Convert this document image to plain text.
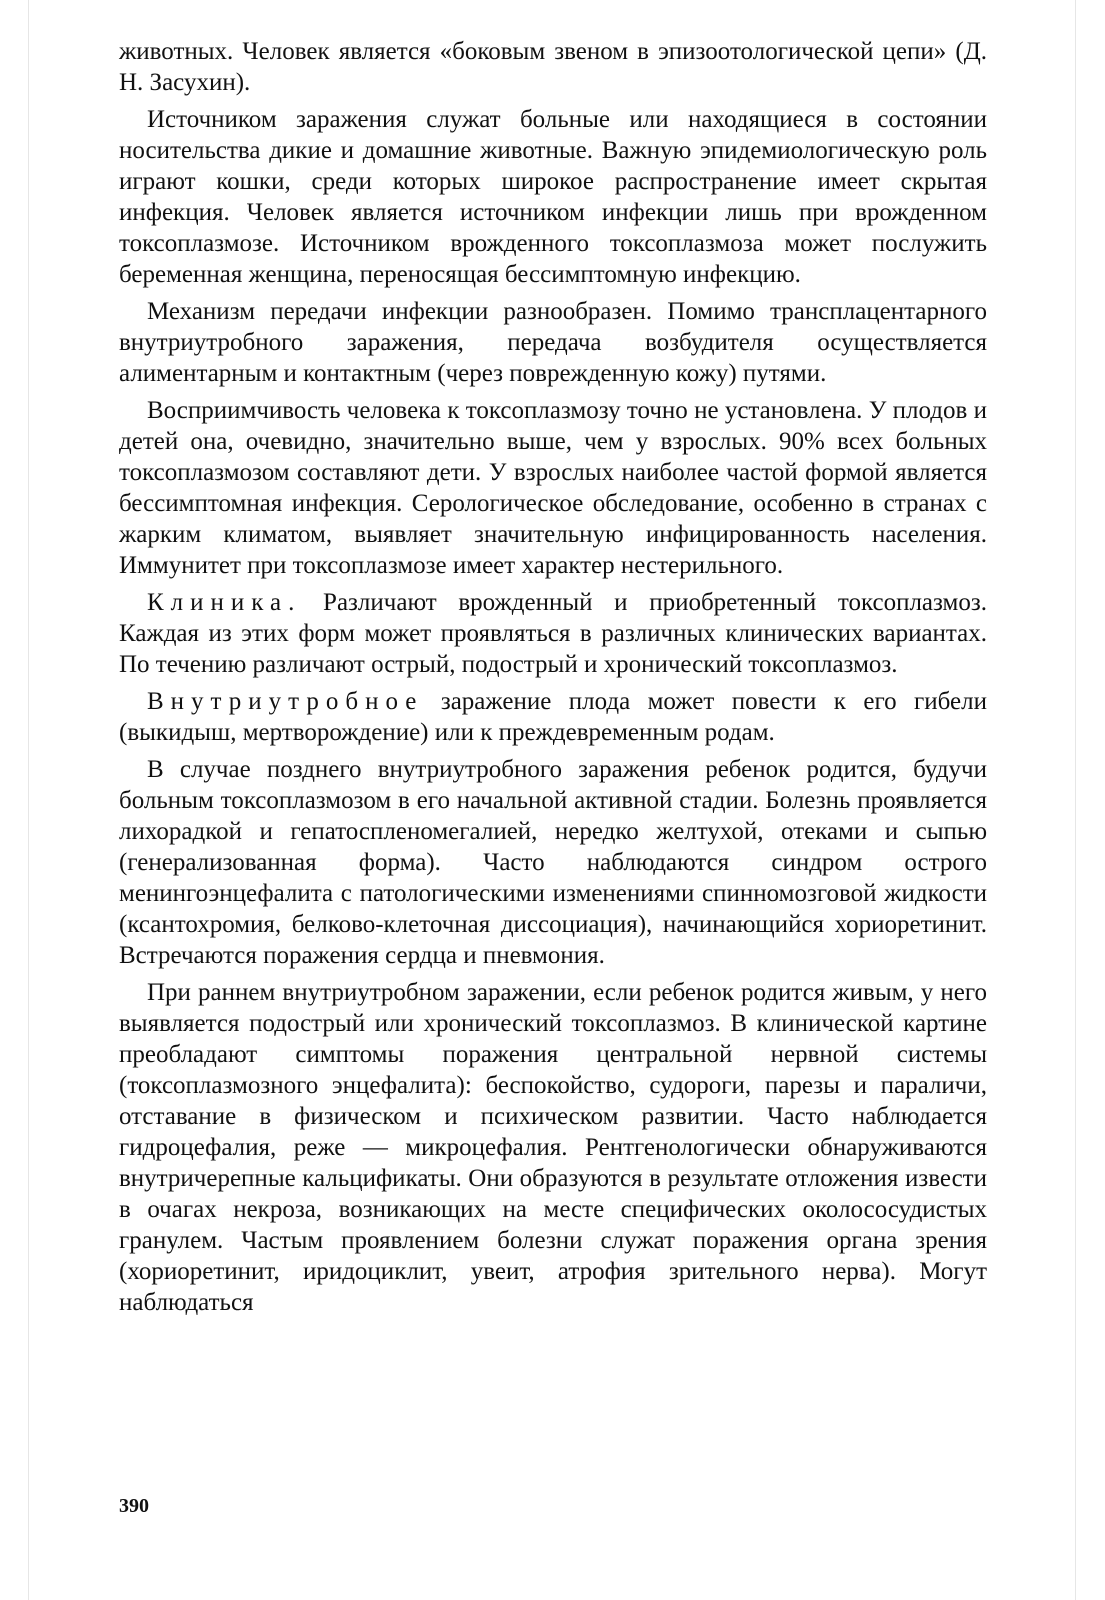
животных. Человек является «боковым звеном в эпизоотологической цепи» (Д. Н. Засухин).

Источником заражения служат больные или находящиеся в состоянии носительства дикие и домашние животные. Важную эпидемиологическую роль играют кошки, среди которых широкое распространение имеет скрытая инфекция. Человек является источником инфекции лишь при врожденном токсоплазмозе. Источником врожденного токсоплазмоза может послужить беременная женщина, переносящая бессимптомную инфекцию.

Механизм передачи инфекции разнообразен. Помимо трансплацентарного внутриутробного заражения, передача возбудителя осуществляется алиментарным и контактным (через поврежденную кожу) путями.

Восприимчивость человека к токсоплазмозу точно не установлена. У плодов и детей она, очевидно, значительно выше, чем у взрослых. 90% всех больных токсоплазмозом составляют дети. У взрослых наиболее частой формой является бессимптомная инфекция. Серологическое обследование, особенно в странах с жарким климатом, выявляет значительную инфицированность населения. Иммунитет при токсоплазмозе имеет характер нестерильного.

Клиника. Различают врожденный и приобретенный токсоплазмоз. Каждая из этих форм может проявляться в различных клинических вариантах. По течению различают острый, подострый и хронический токсоплазмоз.

Внутриутробное заражение плода может повести к его гибели (выкидыш, мертворождение) или к преждевременным родам.

В случае позднего внутриутробного заражения ребенок родится, будучи больным токсоплазмозом в его начальной активной стадии. Болезнь проявляется лихорадкой и гепатоспленомегалией, нередко желтухой, отеками и сыпью (генерализованная форма). Часто наблюдаются синдром острого менингоэнцефалита с патологическими изменениями спинномозговой жидкости (ксантохромия, белково-клеточная диссоциация), начинающийся хориоретинит. Встречаются поражения сердца и пневмония.

При раннем внутриутробном заражении, если ребенок родится живым, у него выявляется подострый или хронический токсоплазмоз. В клинической картине преобладают симптомы поражения центральной нервной системы (токсоплазмозного энцефалита): беспокойство, судороги, парезы и параличи, отставание в физическом и психическом развитии. Часто наблюдается гидроцефалия, реже — микроцефалия. Рентгенологически обнаруживаются внутричерепные кальцификаты. Они образуются в результате отложения извести в очагах некроза, возникающих на месте специфических околососудистых гранулем. Частым проявлением болезни служат поражения органа зрения (хориоретинит, иридоциклит, увеит, атрофия зрительного нерва). Могут наблюдаться

390
